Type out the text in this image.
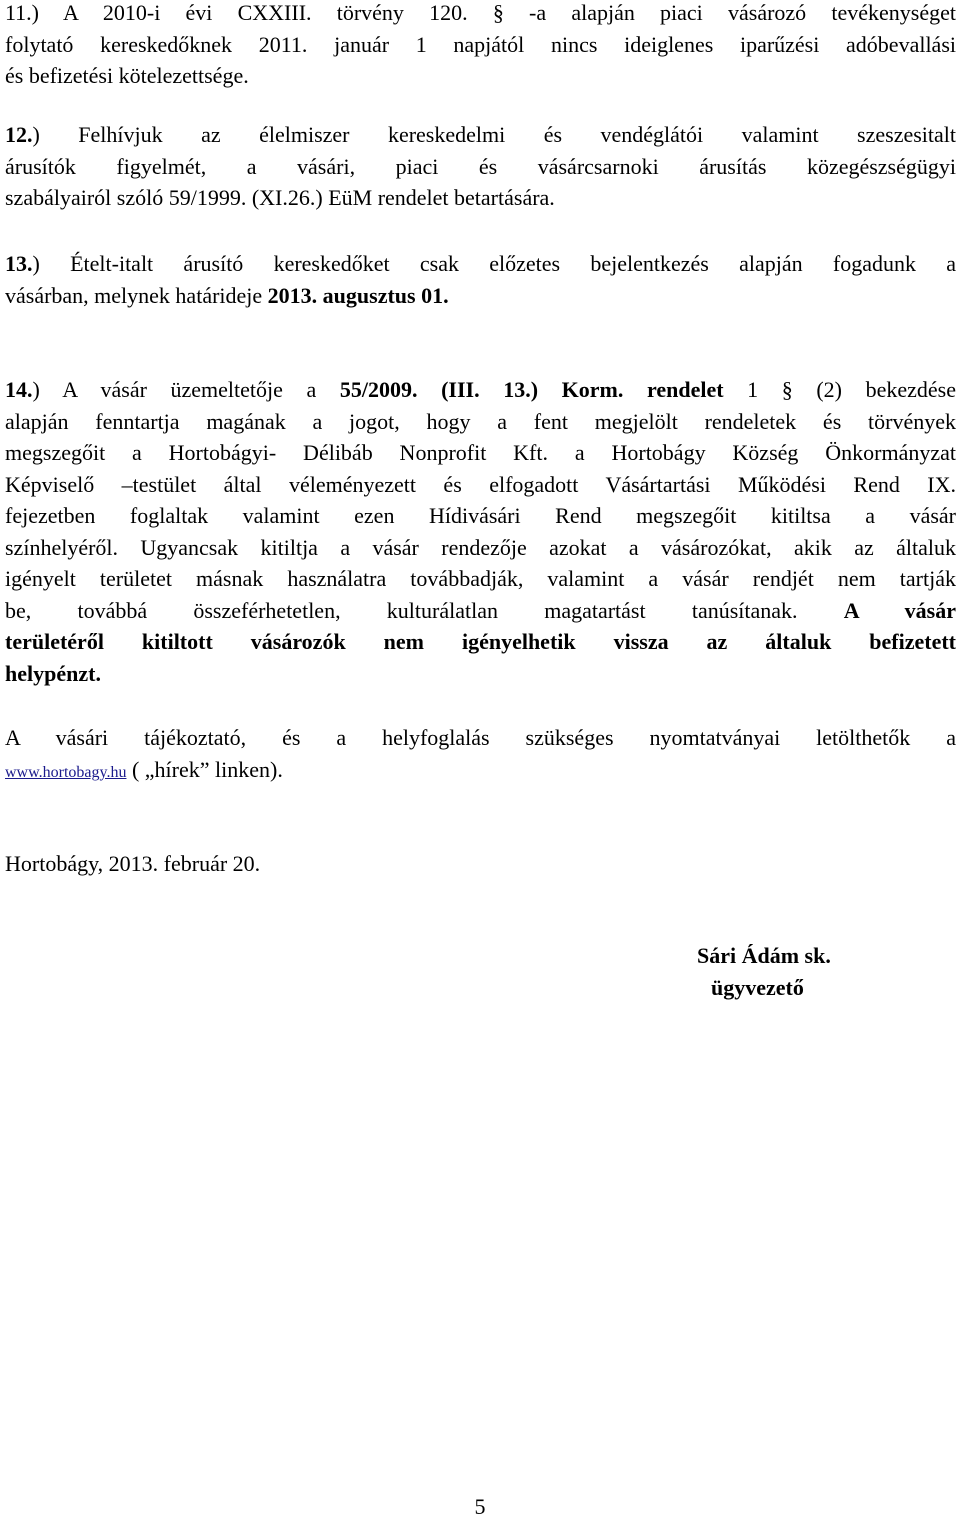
11.) A 2010-i évi CXXIII. törvény 120. § -a alapján piaci vásározó tevékenységet
folytató kereskedőknek 2011. január 1 napjától nincs ideiglenes iparűzési adóbevallási
és befizetési kötelezettsége.
12.) Felhívjuk az élelmiszer kereskedelmi és vendéglátói valamint szeszesitalt
árusítók figyelmét, a vásári, piaci és vásárcsarnoki árusítás közegészségügyi
szabályairól szóló 59/1999. (XI.26.) EüM rendelet betartására.
13.) Ételt-italt árusító kereskedőket csak előzetes bejelentkezés alapján fogadunk a
vásárban, melynek határideje 2013. augusztus 01.
14.) A vásár üzemeltetője a 55/2009. (III. 13.) Korm. rendelet 1 § (2) bekezdése
alapján fenntartja magának a jogot, hogy a fent megjelölt rendeletek és törvények
megszegőit a Hortobágyi- Délibáb Nonprofit Kft. a Hortobágy Község Önkormányzat
Képviselő –testület által véleményezett és elfogadott Vásártartási Működési Rend IX.
fejezetben foglaltak valamint ezen Hídivásári Rend megszegőit kitiltsa a vásár
színhelyéről. Ugyancsak kitiltja a vásár rendezője azokat a vásározókat, akik az általuk
igényelt területet másnak használatra továbbadják, valamint a vásár rendjét nem tartják
be, továbbá összeférhetetlen, kulturálatlan magatartást tanúsítanak. A vásár
területéről kitiltott vásározók nem igényelhetik vissza az általuk befizetett
helypénzt.
A vásári tájékoztató, és a helyfoglalás szükséges nyomtatványai letölthetők a
www.hortobagy.hu ( „hírek” linken).
Hortobágy, 2013. február 20.
Sári Ádám sk.
ügyvezető
5
